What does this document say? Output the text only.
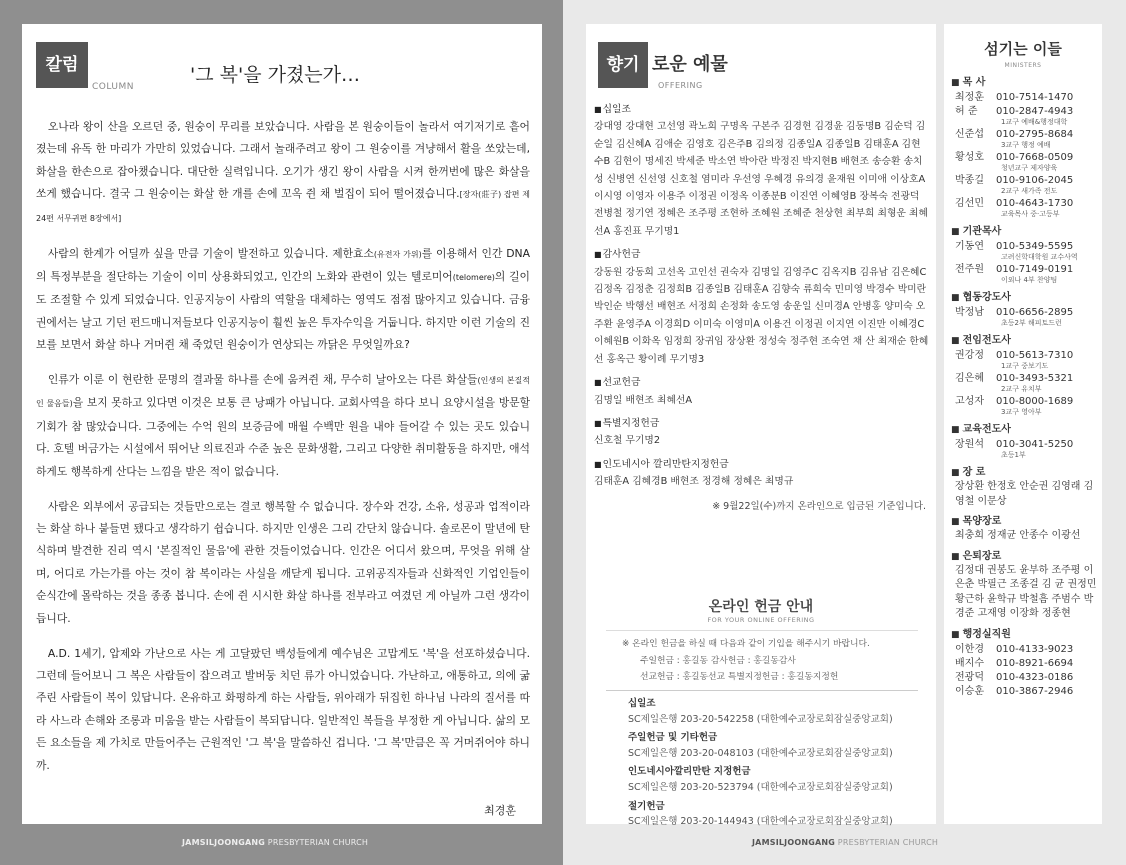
칼럼
COLUMN
'그 복'을 가졌는가…

오나라 왕이 산을 오르던 중, 원숭이 무리를 보았습니다. 사람을 본 원숭이들이 놀라서 여기저기로 흩어졌는데 유독 한 마리가 가만히 있었습니다. 그래서 놀래주려고 왕이 그 원숭이를 겨냥해서 활을 쏘았는데, 화살을 한손으로 잡아챘습니다. 대단한 실력입니다. 오기가 생긴 왕이 사람을 시켜 한꺼번에 많은 화살을 쏘게 했습니다. 결국 그 원숭이는 화살 한 개를 손에 꼬옥 쥔 채 벌집이 되어 떨어졌습니다.[장자(莊子) 잡편 제24편 서무귀편 8장에서]

사람의 한계가 어딜까 싶을 만큼 기술이 발전하고 있습니다. 제한효소(유전자 가위)를 이용해서 인간 DNA의 특정부분을 절단하는 기술이 이미 상용화되었고, 인간의 노화와 관련이 있는 텔로미어(telomere)의 길이도 조절할 수 있게 되었습니다. 인공지능이 사람의 역할을 대체하는 영역도 점점 많아지고 있습니다. 금융권에서는 날고 기던 펀드매니저들보다 인공지능이 훨씬 높은 투자수익을 거둡니다. 하지만 이런 기술의 진보를 보면서 화살 하나 거머쥔 채 죽었던 원숭이가 연상되는 까닭은 무엇일까요?

인류가 이룬 이 현란한 문명의 결과물 하나를 손에 움켜쥔 채, 무수히 날아오는 다른 화살들(인생의 본질적인 물음들)을 보지 못하고 있다면 이것은 보통 큰 낭패가 아닙니다. 교회사역을 하다 보니 요양시설을 방문할 기회가 참 많았습니다. 그중에는 수억 원의 보증금에 매월 수백만 원을 내야 들어갈 수 있는 곳도 있습니다. 호텔 버금가는 시설에서 뛰어난 의료진과 수준 높은 문화생활, 그리고 다양한 취미활동을 하지만, 애석하게도 행복하게 산다는 느낌을 받은 적이 없습니다.

사람은 외부에서 공급되는 것들만으로는 결코 행복할 수 없습니다. 장수와 건강, 소유, 성공과 업적이라는 화살 하나 붙들면 됐다고 생각하기 쉽습니다. 하지만 인생은 그리 간단치 않습니다. 솔로몬이 말년에 탄식하며 발견한 진리 역시 '본질적인 물음'에 관한 것들이었습니다. 인간은 어디서 왔으며, 무엇을 위해 살며, 어디로 가는가를 아는 것이 참 복이라는 사실을 깨닫게 됩니다. 고위공직자들과 신화적인 기업인들이 순식간에 몰락하는 것을 종종 봅니다. 손에 쥔 시시한 화살 하나를 전부라고 여겼던 게 아닐까 그런 생각이 듭니다.

A.D. 1세기, 압제와 가난으로 사는 게 고달팠던 백성들에게 예수님은 고맙게도 '복'을 선포하셨습니다. 그런데 들어보니 그 복은 사람들이 잡으려고 발버둥 치던 류가 아니었습니다. 가난하고, 애통하고, 의에 굶주린 사람들이 복이 있답니다. 온유하고 화평하게 하는 사람들, 위아래가 뒤집힌 하나님 나라의 질서를 따라 사느라 손해와 조롱과 미움을 받는 사람들이 복되답니다. 일반적인 복들을 부정한 게 아닙니다. 삶의 모든 요소들을 제 가치로 만들어주는 근원적인 '그 복'을 말씀하신 겁니다. '그 복'만큼은 꼭 거머쥐어야 하니까.

최경훈
JAMSILJOONGANG PRESBYTERIAN CHURCH
향기 로운 예물
OFFERING
■ 십일조
강대영 강대현 고선영 곽노희 구명옥 구본주 김경현 김경윤 김동명B 김순덕 김순일 김신혜A 김애순 김영호 김은주B 김의정 김종일A 김종일B 김태훈A 김현수B 김현이 명세진 박세준 박소연 박아란 박정진 박지현B 배현조 송승환 송치성 신병연 신선영 신호철 염미라 우선영 우혜경 유의경 윤재원 이미애 이상호A 이시영 이영자 이용주 이정권 이정옥 이종분B 이진연 이혜영B 장복숙 전광덕 전병철 정기연 정혜은 조주평 조현하 조혜원 조혜준 천상현 최부희 최형운 최혜선A 홍진표 무기명1
■ 감사헌금
강동원 강동희 고선옥 고인선 권숙자 김명일 김영주C 김옥지B 김유남 김은혜C 김정옥 김정춘 김정희B 김종일B 김태훈A 김향숙 류희숙 민미영 박경수 박미란 박인순 박행선 배현조 서정희 손정화 송도영 송운일 신미경A 안병홍 양미숙 오주환 윤영주A 이경희D 이미숙 이영미A 이용건 이정권 이지연 이진만 이혜경C 이혜원B 이화옥 임정희 장귀임 장상환 정성숙 정주현 조숙연 채 산 최재순 한혜선 홍옥근 황이례 무기명3
■ 선교헌금
김명일 배현조 최혜선A
■ 특별지정헌금
신호철 무기명2
■ 인도네시아 깔리만탄지정헌금
김태훈A 김혜경B 배현조 정경해 정혜은 최명규
※ 9월22일(수)까지 온라인으로 입금된 기준입니다.
온라인 헌금 안내
FOR YOUR ONLINE OFFERING
※ 온라인 헌금을 하실 때 다음과 같이 기입을 해주시기 바랍니다.
주일헌금 : 홍길동 감사헌금 : 홍길동감사
선교헌금 : 홍길동선교 특별지정헌금 : 홍길동지정헌
십일조
SC제일은행 203-20-542258 (대한예수교장로회잠실중앙교회)
주일헌금 및 기타헌금
SC제일은행 203-20-048103 (대한예수교장로회잠실중앙교회)
인도네시아깔리만탄 지정헌금
SC제일은행 203-20-523794 (대한예수교장로회잠실중앙교회)
절기헌금
SC제일은행 203-20-144943 (대한예수교장로회잠실중앙교회)
JAMSILJOONGANG PRESBYTERIAN CHURCH
섬기는 이들
MINISTERS
■ 목 사
최정훈	010-7514-1470
허 준	010-2847-4943
1교구 예배&행정대학
신준섭	010-2795-8684
3교구 행정 예배
황성호	010-7668-0509
청년교구 제자양육
박종길	010-9106-2045
2교구 새가족 전도
김선민	010-4643-1730
교육목사 중·고등부
■ 기관목사
기동연	010-5349-5595
고려신학대학원 교수사역
전주원	010-7149-0191
이외나 4부 찬양팀
■ 협동강도사
박정남	010-6656-2895
초등2부 해피토드런
■ 전임전도사
권강정	010-5613-7310
1교구 중보기도
김은혜	010-3493-5321
2교구 유치부
고성자	010-8000-1689
3교구 영아부
■ 교육전도사
장원석	010-3041-5250
초등1부
■ 장 로
장상환 한정호 안순권 김영래 김영철 이문상
■ 목양장로
최충희 정재균 안종수 이광선
■ 은퇴장로
김정대 권봉도 윤부하 조주평 이은춘 박필근 조종걸 김 균 권정민 황근하 윤학규 박철흠 주범수 박경준 고재영 이장화 정종현
■ 행정실직원
이한경	010-4133-9023
배지수	010-8921-6694
전광덕	010-4323-0186
이승훈	010-3867-2946
